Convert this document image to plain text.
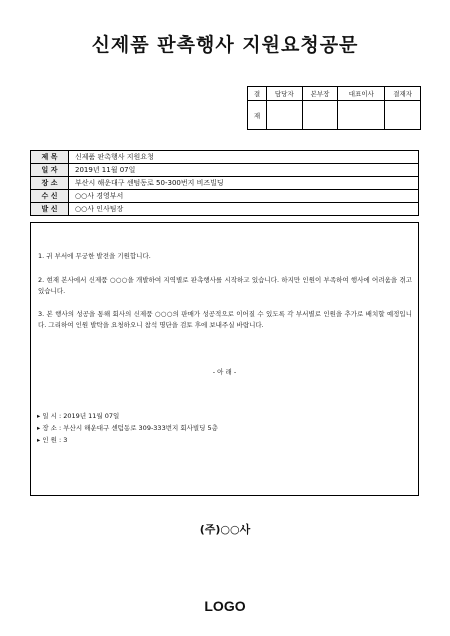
신제품 판촉행사 지원요청공문
결	담당자	본부장	대표이사	결재자
재				
제 목	신제품 판촉행사 지원요청
일 자	2019년 11월 07일
장 소	부산시 해운대구 센텀동로 50-300번지 비즈빌딩
수 신	○○사 경영부서
발 신	○○사 인사팀장
1. 귀 부서에 무궁한 발전을 기원합니다.
2. 현재 본사에서 신제품 ○○○을 개발하여 지역별로 판촉행사를 시작하고 있습니다. 하지만 인원이 부족하여 행사에 어려움을 겪고 있습니다.
3. 본 행사의 성공을 통해 회사의 신제품 ○○○의 판매가 성공적으로 이어질 수 있도록 각 부서별로 인원을 추가로 배치할 예정입니다. 그리하여 인원 발탁을 요청하오니 참석 명단을 검토 후에 보내주실 바랍니다.
- 아 래 -
▸ 일 시 : 2019년 11월 07일
▸ 장 소 : 부산시 해운대구 센텀동로 309-333번지 회사빌딩 5층
▸ 인 원 : 3
(주)○○사
LOGO
